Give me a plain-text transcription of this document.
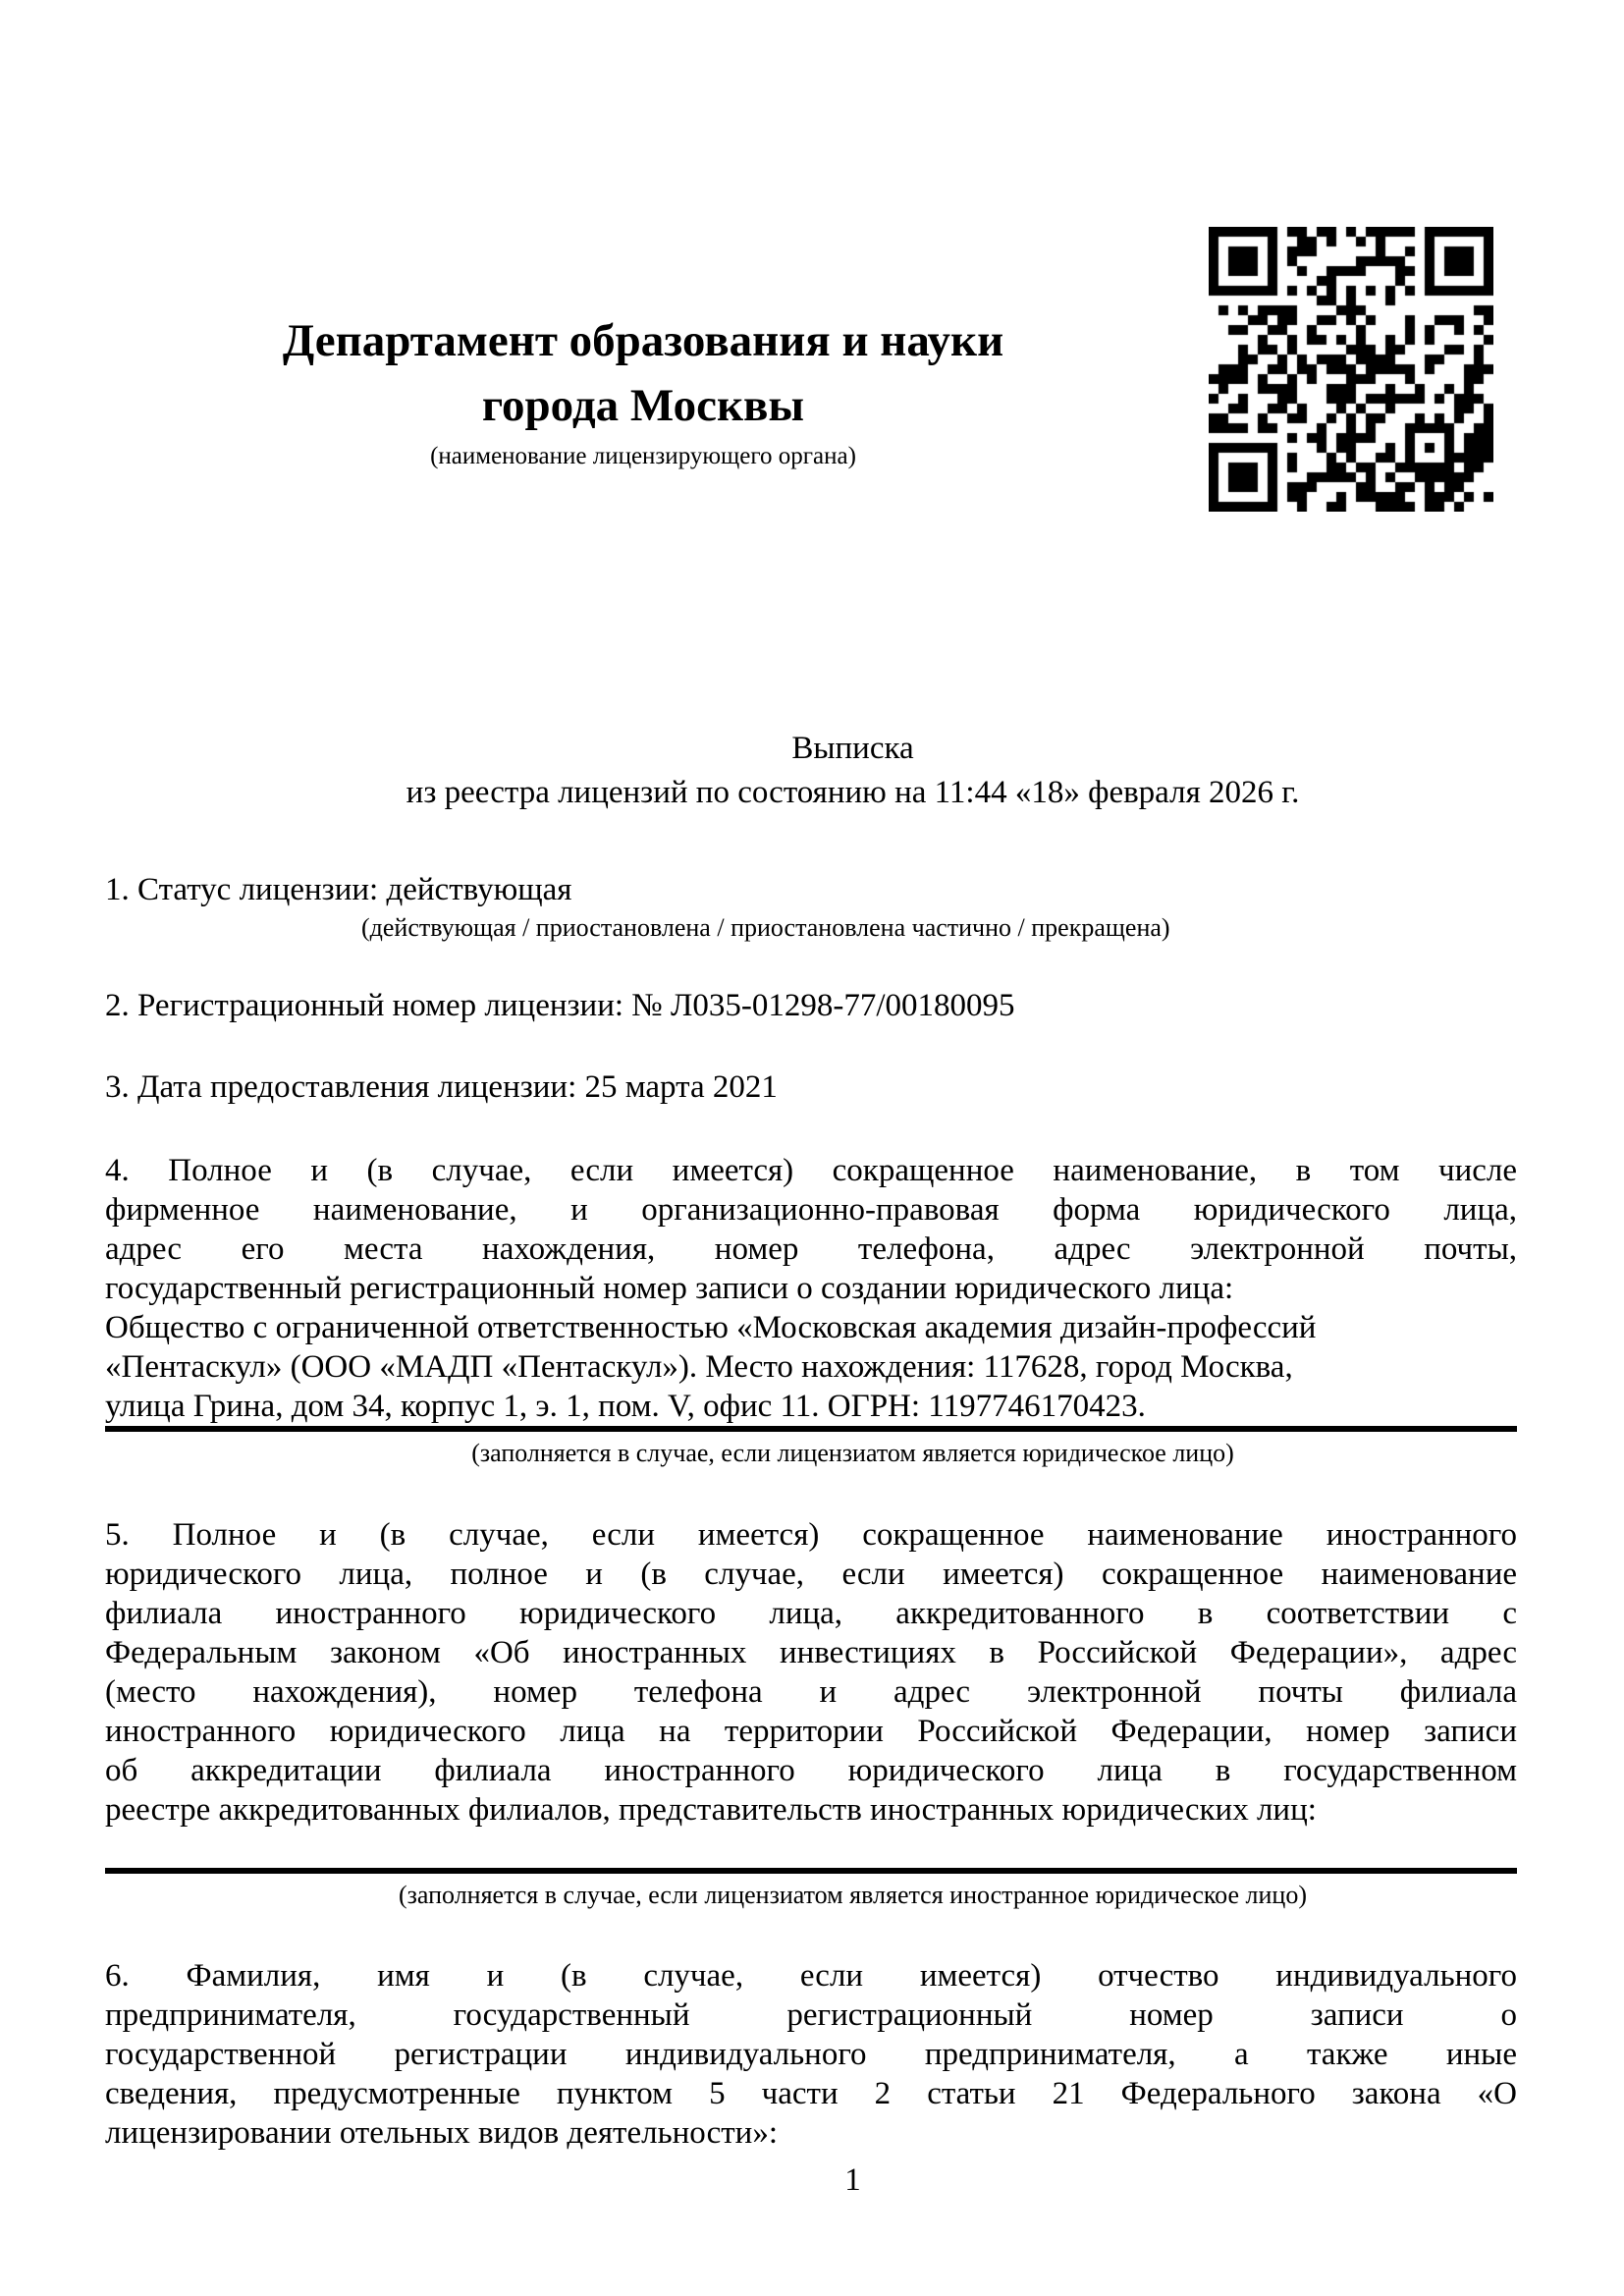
Департамент образования и науки
города Москвы
(наименование лицензирующего органа)
Выписка
из реестра лицензий по состоянию на 11:44 «18» февраля 2026 г.
1. Статус лицензии: действующая
(действующая / приостановлена / приостановлена частично / прекращена)
2. Регистрационный номер лицензии: № Л035-01298-77/00180095
3. Дата предоставления лицензии: 25 марта 2021
4. Полное и (в случае, если имеется) сокращенное наименование, в том числе
фирменное наименование, и организационно-правовая форма юридического лица,
адрес его места нахождения, номер телефона, адрес электронной почты,
государственный регистрационный номер записи о создании юридического лица:
Общество с ограниченной ответственностью «Московская академия дизайн-профессий
«Пентаскул» (ООО «МАДП «Пентаскул»). Место нахождения: 117628, город Москва,
улица Грина, дом 34, корпус 1, э. 1, пом. V, офис 11. ОГРН: 1197746170423.
(заполняется в случае, если лицензиатом является юридическое лицо)
5. Полное и (в случае, если имеется) сокращенное наименование иностранного
юридического лица, полное и (в случае, если имеется) сокращенное наименование
филиала иностранного юридического лица, аккредитованного в соответствии с
Федеральным законом «Об иностранных инвестициях в Российской Федерации», адрес
(место нахождения), номер телефона и адрес электронной почты филиала
иностранного юридического лица на территории Российской Федерации, номер записи
об аккредитации филиала иностранного юридического лица в государственном
реестре аккредитованных филиалов, представительств иностранных юридических лиц:
(заполняется в случае, если лицензиатом является иностранное юридическое лицо)
6. Фамилия, имя и (в случае, если имеется) отчество индивидуального
предпринимателя, государственный регистрационный номер записи о
государственной регистрации индивидуального предпринимателя, а также иные
сведения, предусмотренные пунктом 5 части 2 статьи 21 Федерального закона «О
лицензировании отельных видов деятельности»:
1
